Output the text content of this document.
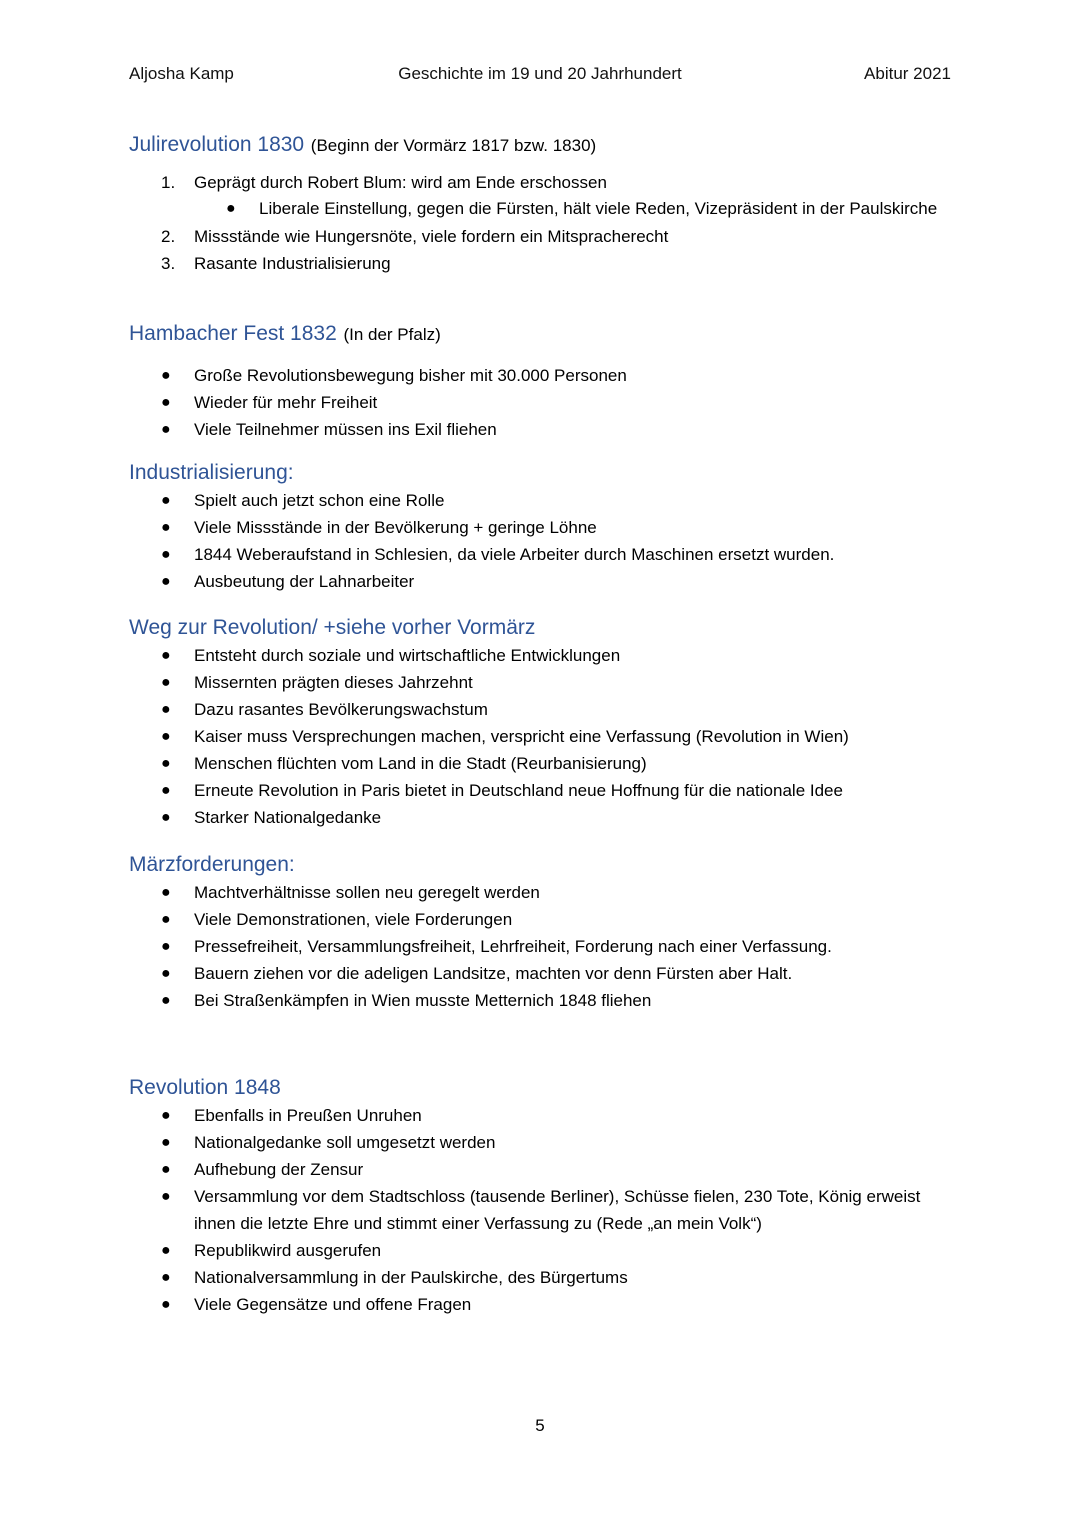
Aljosha Kamp	Geschichte im 19 und 20 Jahrhundert	Abitur 2021
Julirevolution 1830 (Beginn der Vormärz 1817 bzw. 1830)
1. Geprägt durch Robert Blum: wird am Ende erschossen
● Liberale Einstellung, gegen die Fürsten, hält viele Reden, Vizepräsident in der Paulskirche
2. Missstände wie Hungersnöte, viele fordern ein Mitspracherecht
3. Rasante Industrialisierung
Hambacher Fest 1832 (In der Pfalz)
● Große Revolutionsbewegung bisher mit 30.000 Personen
● Wieder für mehr Freiheit
● Viele Teilnehmer müssen ins Exil fliehen
Industrialisierung:
● Spielt auch jetzt schon eine Rolle
● Viele Missstände in der Bevölkerung + geringe Löhne
● 1844 Weberaufstand in Schlesien, da viele Arbeiter durch Maschinen ersetzt wurden.
● Ausbeutung der Lahnarbeiter
Weg zur Revolution/ +siehe vorher Vormärz
● Entsteht durch soziale und wirtschaftliche Entwicklungen
● Missernten prägten dieses Jahrzehnt
● Dazu rasantes Bevölkerungswachstum
● Kaiser muss Versprechungen machen, verspricht eine Verfassung (Revolution in Wien)
● Menschen flüchten vom Land in die Stadt (Reurbanisierung)
● Erneute Revolution in Paris bietet in Deutschland neue Hoffnung für die nationale Idee
● Starker Nationalgedanke
Märzforderungen:
● Machtverhältnisse sollen neu geregelt werden
● Viele Demonstrationen, viele Forderungen
● Pressefreiheit, Versammlungsfreiheit, Lehrfreiheit, Forderung nach einer Verfassung.
● Bauern ziehen vor die adeligen Landsitze, machten vor denn Fürsten aber Halt.
● Bei Straßenkämpfen in Wien musste Metternich 1848 fliehen
Revolution 1848
● Ebenfalls in Preußen Unruhen
● Nationalgedanke soll umgesetzt werden
● Aufhebung der Zensur
● Versammlung vor dem Stadtschloss (tausende Berliner), Schüsse fielen, 230 Tote, König erweist ihnen die letzte Ehre und stimmt einer Verfassung zu (Rede „an mein Volk“)
● Republikwird ausgerufen
● Nationalversammlung in der Paulskirche, des Bürgertums
● Viele Gegensätze und offene Fragen
5
